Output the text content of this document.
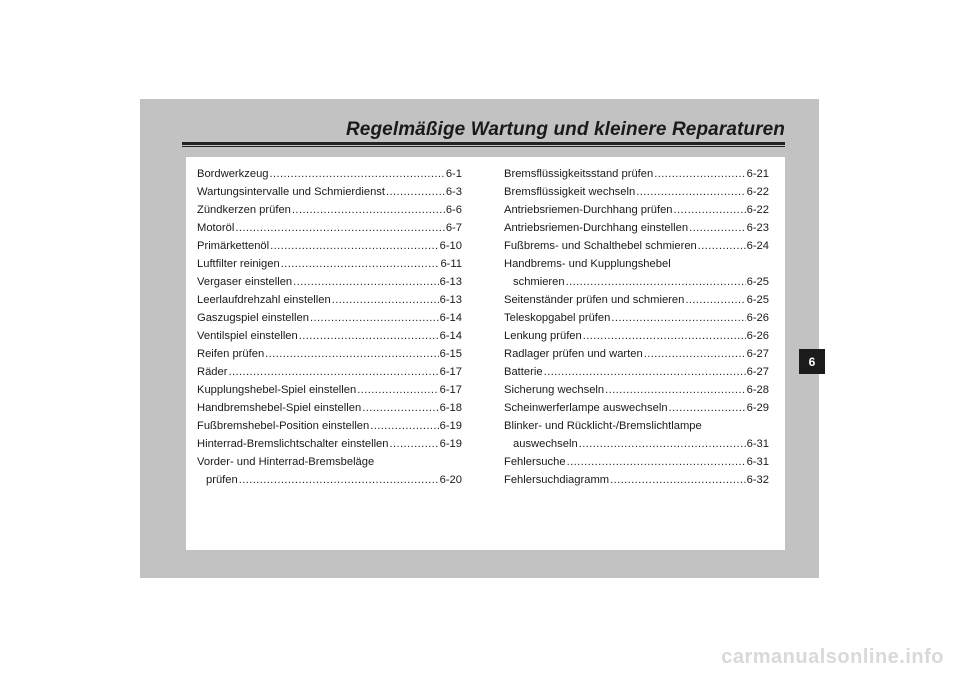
Regelmäßige Wartung und kleinere Reparaturen
Bordwerkzeug .....	6-1
Wartungsintervalle und Schmierdienst .....	6-3
Zündkerzen prüfen .....	6-6
Motoröl .....	6-7
Primärkettenöl .....	6-10
Luftfilter reinigen .....	6-11
Vergaser einstellen .....	6-13
Leerlaufdrehzahl einstellen .....	6-13
Gaszugspiel einstellen .....	6-14
Ventilspiel einstellen .....	6-14
Reifen prüfen .....	6-15
Räder .....	6-17
Kupplungshebel-Spiel einstellen .....	6-17
Handbremshebel-Spiel einstellen .....	6-18
Fußbremshebel-Position einstellen .....	6-19
Hinterrad-Bremslichtschalter einstellen .....	6-19
Vorder- und Hinterrad-Bremsbeläge
prüfen .....	6-20
Bremsflüssigkeitsstand prüfen .....	6-21
Bremsflüssigkeit wechseln .....	6-22
Antriebsriemen-Durchhang prüfen .....	6-22
Antriebsriemen-Durchhang einstellen .....	6-23
Fußbrems- und Schalthebel schmieren .....	6-24
Handbrems- und Kupplungshebel
schmieren .....	6-25
Seitenständer prüfen und schmieren .....	6-25
Teleskopgabel prüfen .....	6-26
Lenkung prüfen .....	6-26
Radlager prüfen und warten .....	6-27
Batterie .....	6-27
Sicherung wechseln .....	6-28
Scheinwerferlampe auswechseln .....	6-29
Blinker- und Rücklicht-/Bremslichtlampe
auswechseln .....	6-31
Fehlersuche .....	6-31
Fehlersuchdiagramm .....	6-32
6
carmanualsonline.info
